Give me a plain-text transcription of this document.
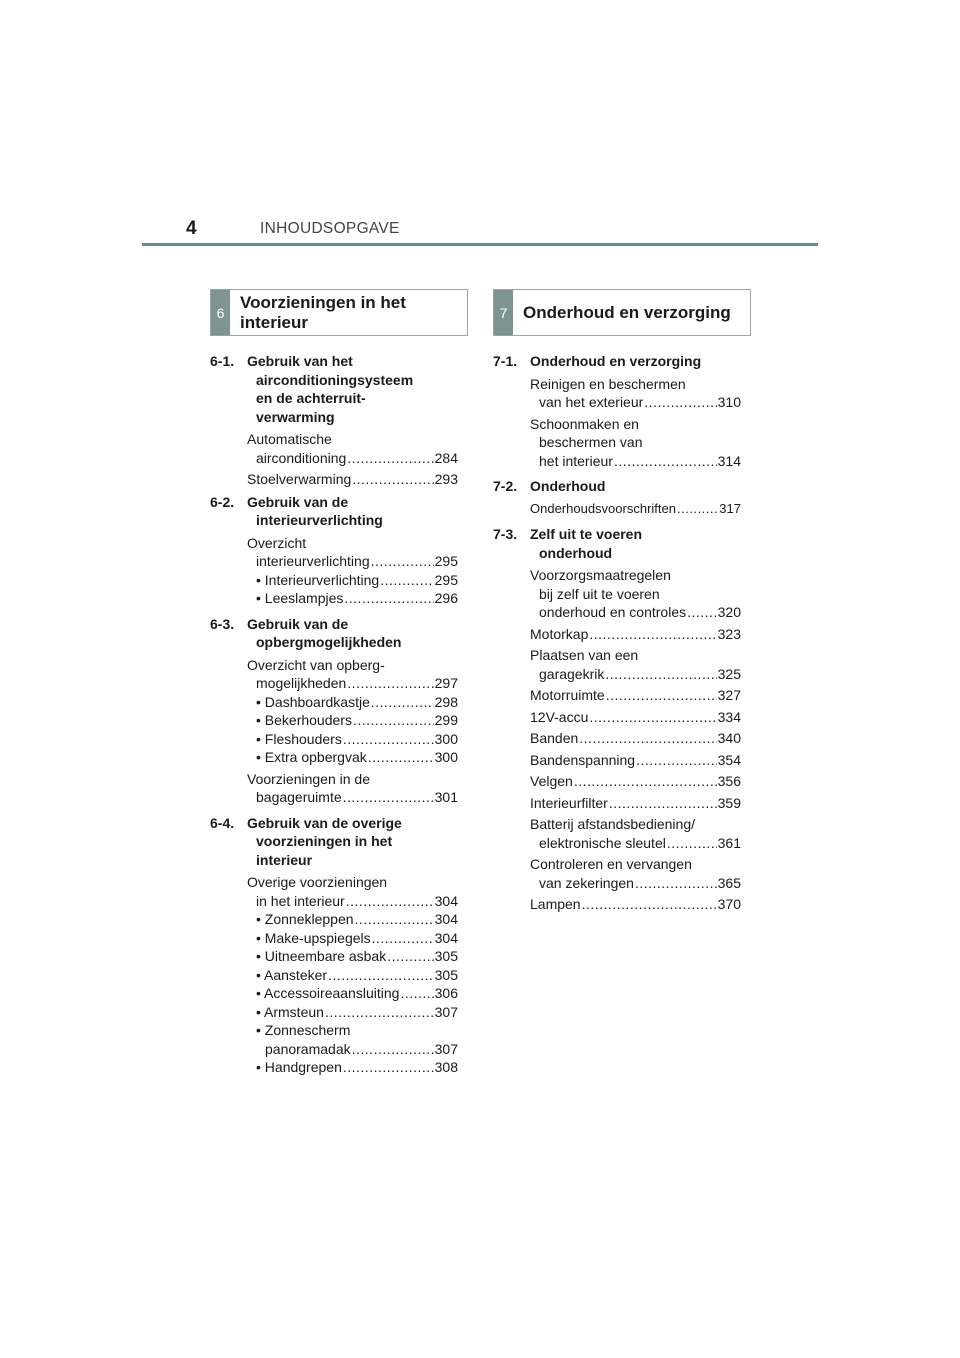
4	INHOUDSOPGAVE
6
Voorzieningen in het
interieur	7 Onderhoud en verzorging
6-1. Gebruik van het
airconditioningsysteem
en de achterruit-
verwarming
Automatische
airconditioning .....	284
Stoelverwarming .....	293
6-2. Gebruik van de
interieurverlichting
Overzicht
interieurverlichting .....	295
• Interieurverlichting .....	295
• Leeslampjes .....	296
6-3. Gebruik van de
opbergmogelijkheden
Overzicht van opberg-
mogelijkheden .....	297
• Dashboardkastje .....	298
• Bekerhouders .....	299
• Fleshouders .....	300
• Extra opbergvak .....	300
Voorzieningen in de
bagageruimte .....	301
6-4. Gebruik van de overige
voorzieningen in het
interieur
Overige voorzieningen
in het interieur .....	304
• Zonnekleppen .....	304
• Make-upspiegels .....	304
• Uitneembare asbak .....	305
• Aansteker .....	305
• Accessoireaansluiting .....	306
• Armsteun .....	307
• Zonnescherm
panoramadak .....	307
• Handgrepen .....	308
7-1. Onderhoud en verzorging
Reinigen en beschermen
van het exterieur .....	310
Schoonmaken en
beschermen van
het interieur .....	314
7-2. Onderhoud
Onderhoudsvoorschriften .....	317
7-3. Zelf uit te voeren
onderhoud
Voorzorgsmaatregelen
bij zelf uit te voeren
onderhoud en controles ..... 320
Motorkap .....	323
Plaatsen van een
garagekrik .....	325
Motorruimte .....	327
12V-accu .....	334
Banden .....	340
Bandenspanning .....	354
Velgen .....	356
Interieurfilter .....	359
Batterij afstandsbediening/
elektronische sleutel .....	361
Controleren en vervangen
van zekeringen .....	365
Lampen .....	370
